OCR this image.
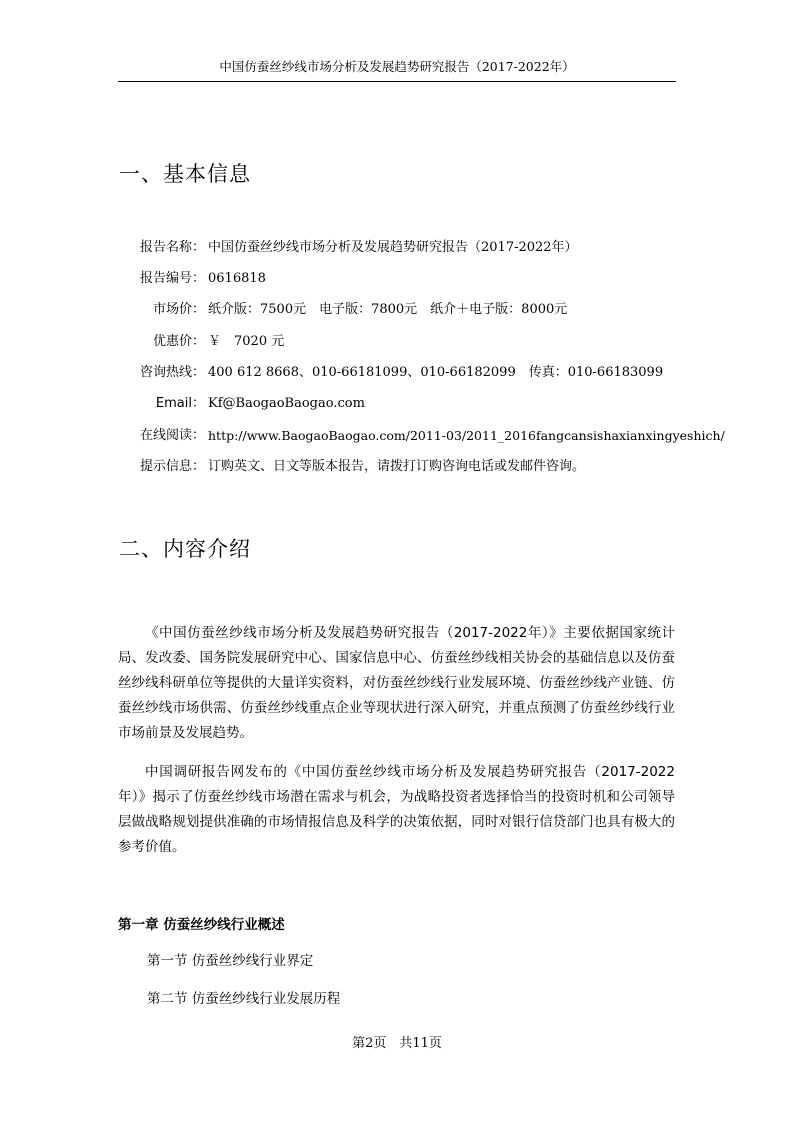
中国仿蚕丝纱线市场分析及发展趋势研究报告（2017-2022年）
一、基本信息
报告名称： 中国仿蚕丝纱线市场分析及发展趋势研究报告（2017-2022年）
报告编号： 0616818
市场价： 纸介版：7500元　电子版：7800元　纸介＋电子版：8000元
优惠价： ￥　7020 元
咨询热线： 400 612 8668、010-66181099、010-66182099　传真：010-66183099
Email： Kf@BaogaoBaogao.com
在线阅读： http://www.BaogaoBaogao.com/2011-03/2011_2016fangcansishaxianxingyeshich/
提示信息： 订购英文、日文等版本报告，请拨打订购咨询电话或发邮件咨询。
二、内容介绍
《中国仿蚕丝纱线市场分析及发展趋势研究报告（2017-2022年）》主要依据国家统计局、发改委、国务院发展研究中心、国家信息中心、仿蚕丝纱线相关协会的基础信息以及仿蚕丝纱线科研单位等提供的大量详实资料，对仿蚕丝纱线行业发展环境、仿蚕丝纱线产业链、仿蚕丝纱线市场供需、仿蚕丝纱线重点企业等现状进行深入研究，并重点预测了仿蚕丝纱线行业市场前景及发展趋势。
中国调研报告网发布的《中国仿蚕丝纱线市场分析及发展趋势研究报告（2017-2022年）》揭示了仿蚕丝纱线市场潜在需求与机会，为战略投资者选择恰当的投资时机和公司领导层做战略规划提供准确的市场情报信息及科学的决策依据，同时对银行信贷部门也具有极大的参考价值。
第一章 仿蚕丝纱线行业概述
第一节 仿蚕丝纱线行业界定
第二节 仿蚕丝纱线行业发展历程
第2页　共11页
